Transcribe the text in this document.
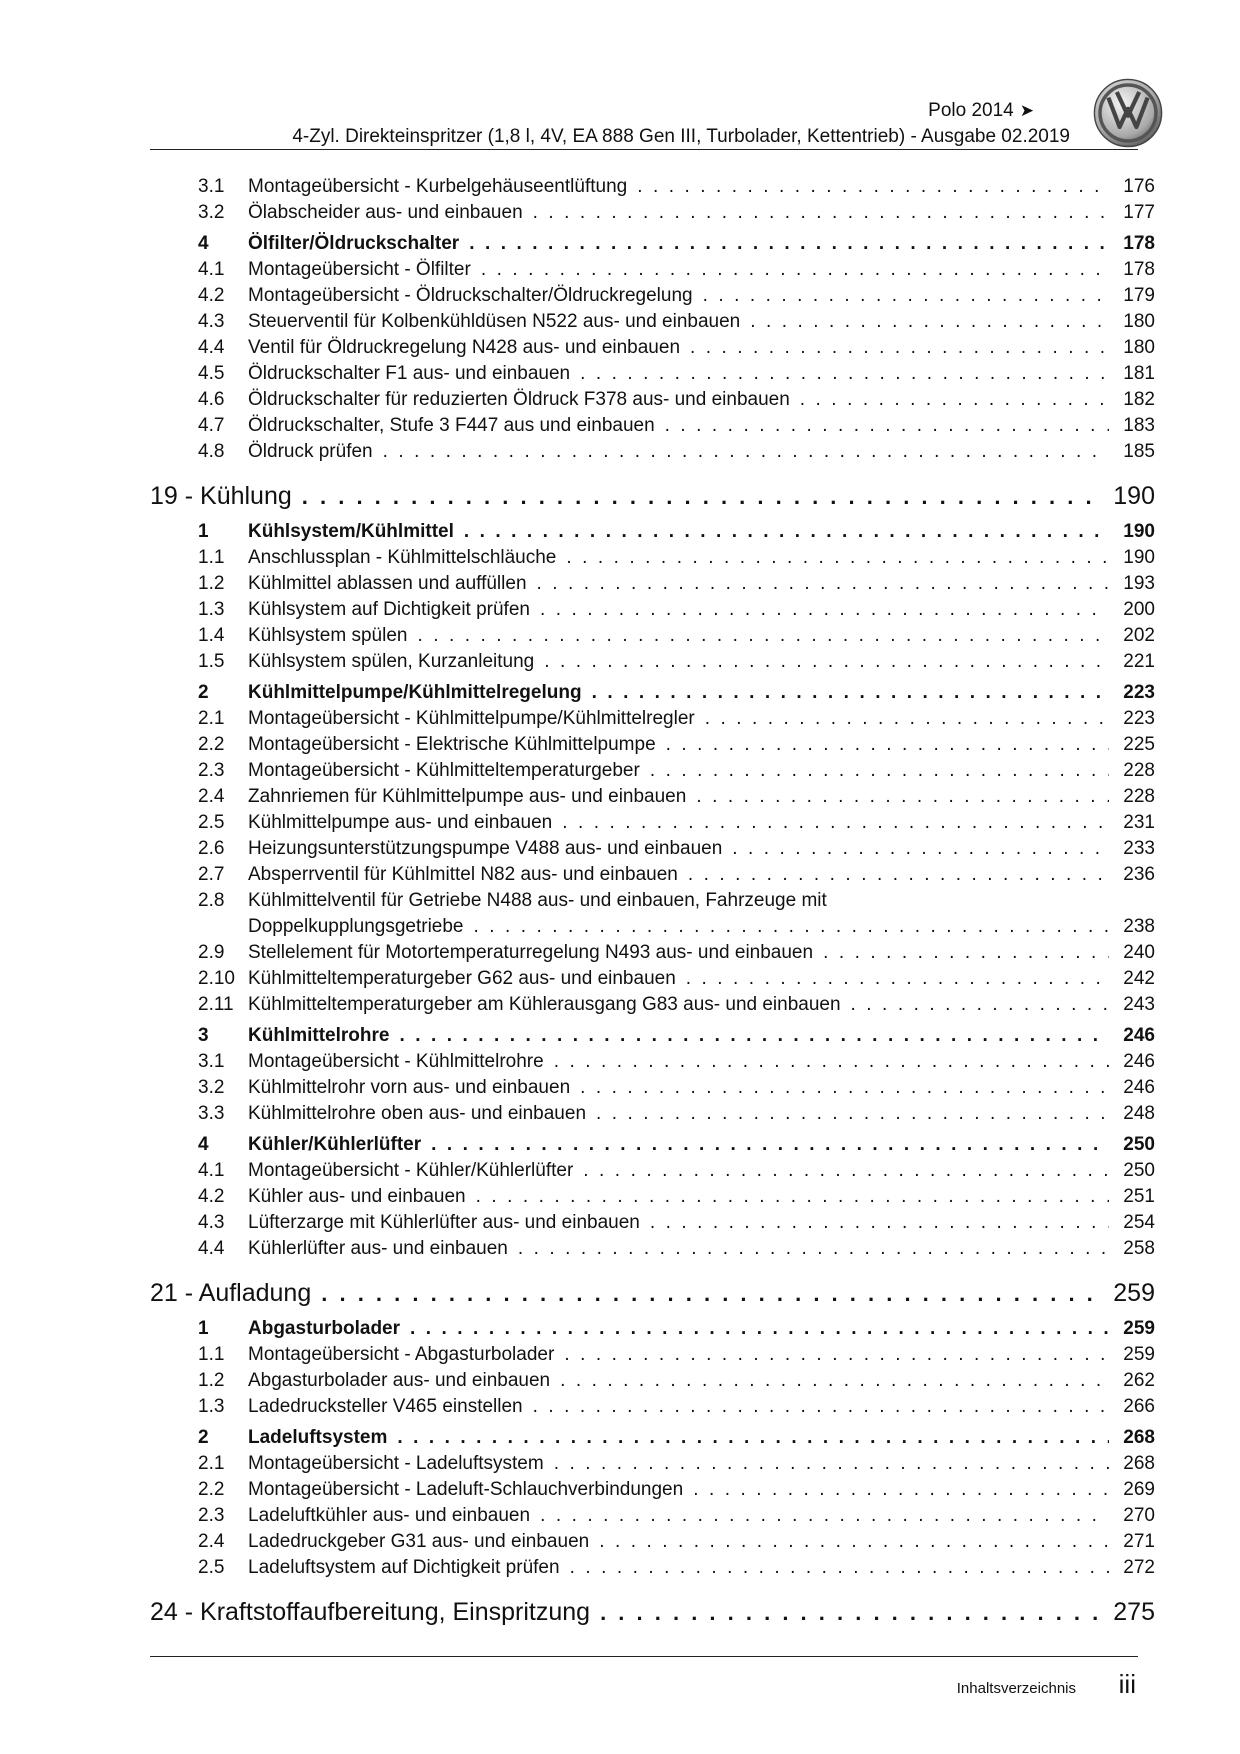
Polo 2014 ➤
4-Zyl. Direkteinspritzer (1,8 l, 4V, EA 888 Gen III, Turbolader, Kettentrieb) - Ausgabe 02.2019
3.1	Montageübersicht - Kurbelgehäuseentlüftung . . .	176
3.2	Ölabscheider aus- und einbauen . . .	177
4	Ölfilter/Öldruckschalter . . .	178
4.1	Montageübersicht - Ölfilter . . .	178
4.2	Montageübersicht - Öldruckschalter/Öldruckregelung . . .	179
4.3	Steuerventil für Kolbenkühldüsen N522 aus- und einbauen . . .	180
4.4	Ventil für Öldruckregelung N428 aus- und einbauen . . .	180
4.5	Öldruckschalter F1 aus- und einbauen . . .	181
4.6	Öldruckschalter für reduzierten Öldruck F378 aus- und einbauen . . .	182
4.7	Öldruckschalter, Stufe 3 F447 aus und einbauen . . .	183
4.8	Öldruck prüfen . . .	185
19 - Kühlung . . .	190
1	Kühlsystem/Kühlmittel . . .	190
1.1	Anschlussplan - Kühlmittelschläuche . . .	190
1.2	Kühlmittel ablassen und auffüllen . . .	193
1.3	Kühlsystem auf Dichtigkeit prüfen . . .	200
1.4	Kühlsystem spülen . . .	202
1.5	Kühlsystem spülen, Kurzanleitung . . .	221
2	Kühlmittelpumpe/Kühlmittelregelung . . .	223
2.1	Montageübersicht - Kühlmittelpumpe/Kühlmittelregler . . .	223
2.2	Montageübersicht - Elektrische Kühlmittelpumpe . . .	225
2.3	Montageübersicht - Kühlmitteltemperaturgeber . . .	228
2.4	Zahnriemen für Kühlmittelpumpe aus- und einbauen . . .	228
2.5	Kühlmittelpumpe aus- und einbauen . . .	231
2.6	Heizungsunterstützungspumpe V488 aus- und einbauen . . .	233
2.7	Absperrventil für Kühlmittel N82 aus- und einbauen . . .	236
2.8	Kühlmittelventil für Getriebe N488 aus- und einbauen, Fahrzeuge mit
Doppelkupplungsgetriebe . . .	238
2.9	Stellelement für Motortemperaturregelung N493 aus- und einbauen . . .	240
2.10 Kühlmitteltemperaturgeber G62 aus- und einbauen . . .	242
2.11 Kühlmitteltemperaturgeber am Kühlerausgang G83 aus- und einbauen . . .	243
3	Kühlmittelrohre . . .	246
3.1	Montageübersicht - Kühlmittelrohre . . .	246
3.2	Kühlmittelrohr vorn aus- und einbauen . . .	246
3.3	Kühlmittelrohre oben aus- und einbauen . . .	248
4	Kühler/Kühlerlüfter . . .	250
4.1	Montageübersicht - Kühler/Kühlerlüfter . . .	250
4.2	Kühler aus- und einbauen . . .	251
4.3	Lüfterzarge mit Kühlerlüfter aus- und einbauen . . .	254
4.4	Kühlerlüfter aus- und einbauen . . .	258
21 - Aufladung . . .	259
1	Abgasturbolader . . .	259
1.1	Montageübersicht - Abgasturbolader . . .	259
1.2	Abgasturbolader aus- und einbauen . . .	262
1.3	Ladedrucksteller V465 einstellen . . .	266
2	Ladeluftsystem . . .	268
2.1	Montageübersicht - Ladeluftsystem . . .	268
2.2	Montageübersicht - Ladeluft-Schlauchverbindungen . . .	269
2.3	Ladeluftkühler aus- und einbauen . . .	270
2.4	Ladedruckgeber G31 aus- und einbauen . . .	271
2.5	Ladeluftsystem auf Dichtigkeit prüfen . . .	272
24 - Kraftstoffaufbereitung, Einspritzung . . .	275
Inhaltsverzeichnis iii
